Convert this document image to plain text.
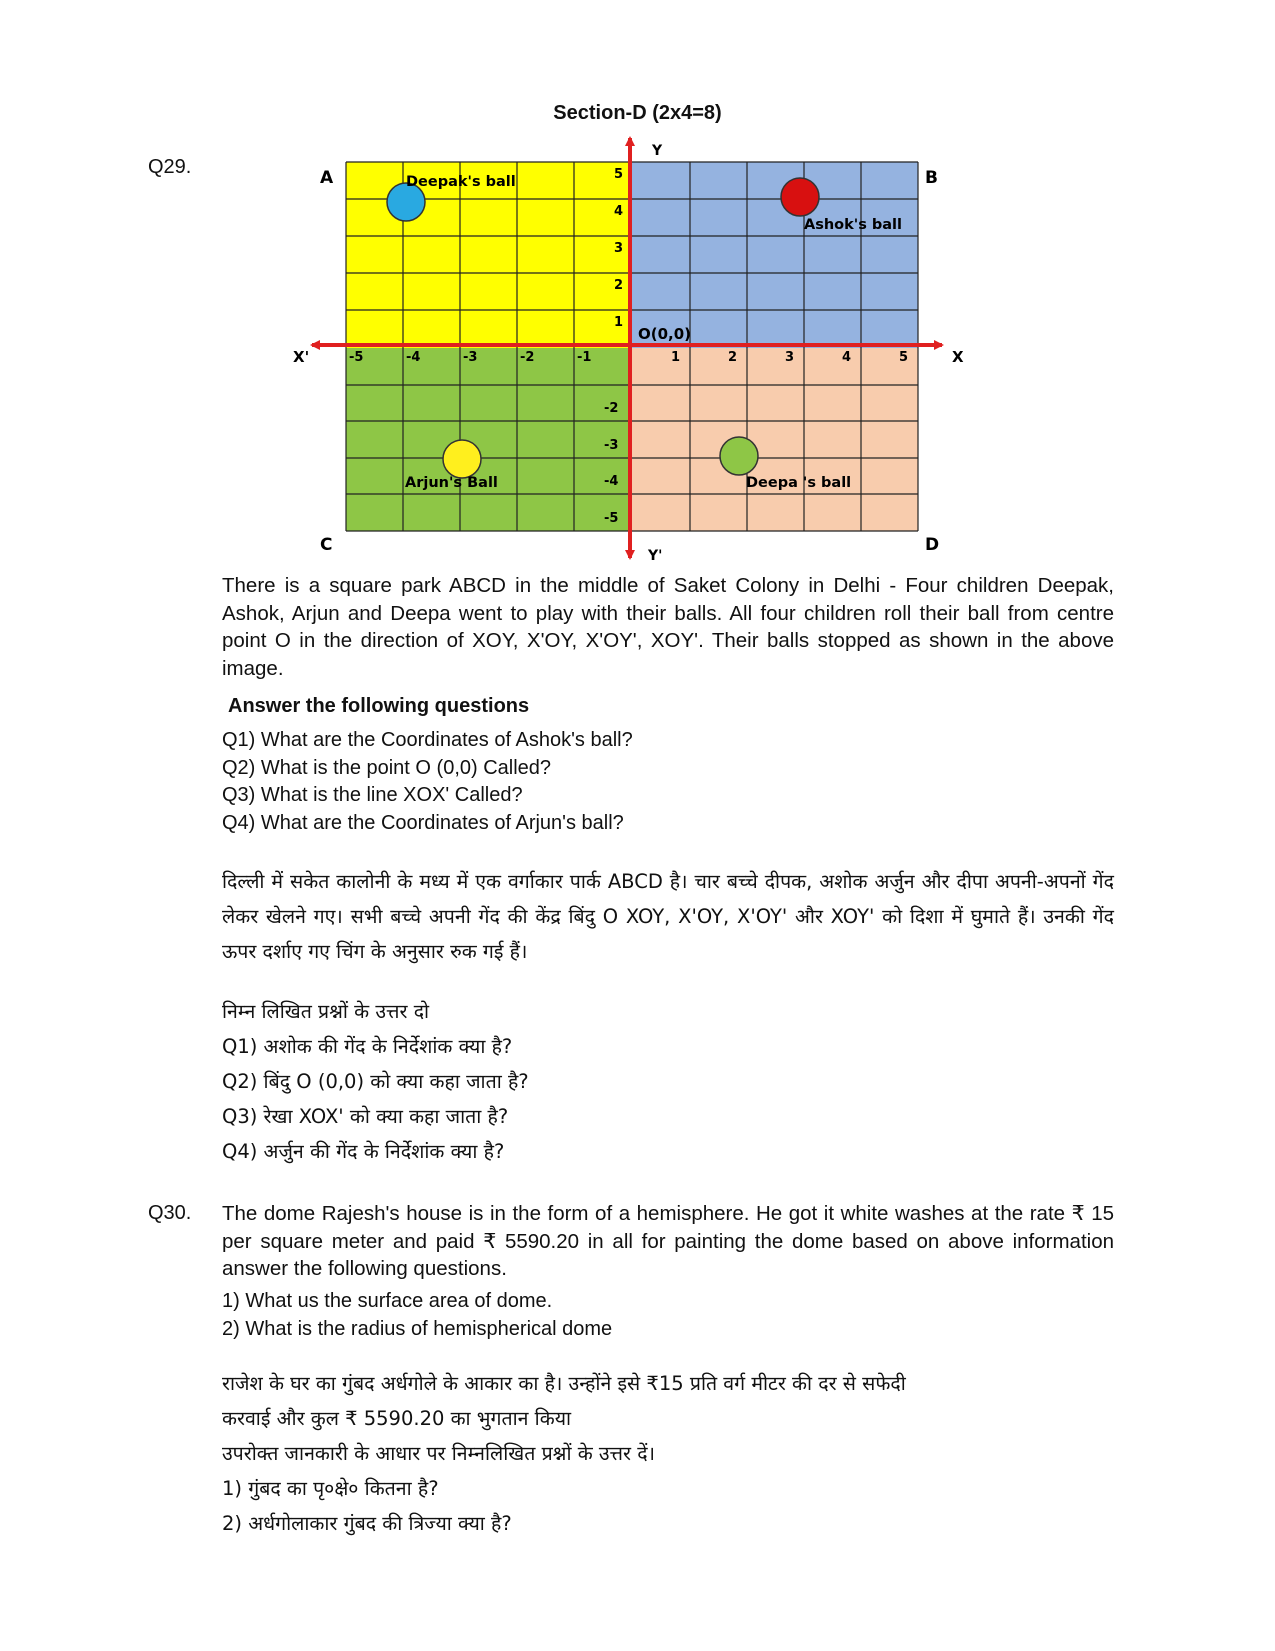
Section-D (2x4=8)
Q29.	A	B
C	D
Y
Y'
X
X'
O(0,0)
-5	-4	-3	-2	-1	1	2	3	4	5
5
4
3
2
1
-2
-3
-4
-5
Deepak's ball
Ashok's ball
Arjun's Ball	Deepa 's ball
There is a square park ABCD in the middle of Saket Colony in Delhi - Four children Deepak, Ashok, Arjun and Deepa went to play with their balls. All four children roll their ball from centre point O in the direction of XOY, X'OY, X'OY', XOY'. Their balls stopped as shown in the above image.
Answer the following questions
Q1) What are the Coordinates of Ashok's ball?
Q2) What is the point O (0,0) Called?
Q3) What is the line XOX' Called?
Q4) What are the Coordinates of Arjun's ball?
दिल्ली में सकेत कालोनी के मध्य में एक वर्गाकार पार्क ABCD है। चार बच्चे दीपक, अशोक अर्जुन और दीपा अपनी-अपनों गेंद लेकर खेलने गए। सभी बच्चे अपनी गेंद की केंद्र बिंदु O XOY, X'OY, X'OY' और XOY' को दिशा में घुमाते हैं। उनकी गेंद ऊपर दर्शाए गए चिंग के अनुसार रुक गई हैं।
निम्न लिखित प्रश्नों के उत्तर दो
Q1) अशोक की गेंद के निर्देशांक क्या है?
Q2) बिंदु O (0,0) को क्या कहा जाता है?
Q3) रेखा XOX' को क्या कहा जाता है?
Q4) अर्जुन की गेंद के निर्देशांक क्या है?
Q30. The dome Rajesh's house is in the form of a hemisphere. He got it white washes at the rate ₹ 15 per square meter and paid ₹ 5590.20 in all for painting the dome based on above information answer the following questions.
1) What us the surface area of dome.
2) What is the radius of hemispherical dome
राजेश के घर का गुंबद अर्धगोले के आकार का है। उन्होंने इसे ₹15 प्रति वर्ग मीटर की दर से सफेदी
करवाई और कुल ₹ 5590.20 का भुगतान किया
उपरोक्त जानकारी के आधार पर निम्नलिखित प्रश्नों के उत्तर दें।
1) गुंबद का पृ०क्षे० कितना है?
2) अर्धगोलाकार गुंबद की त्रिज्या क्या है?
